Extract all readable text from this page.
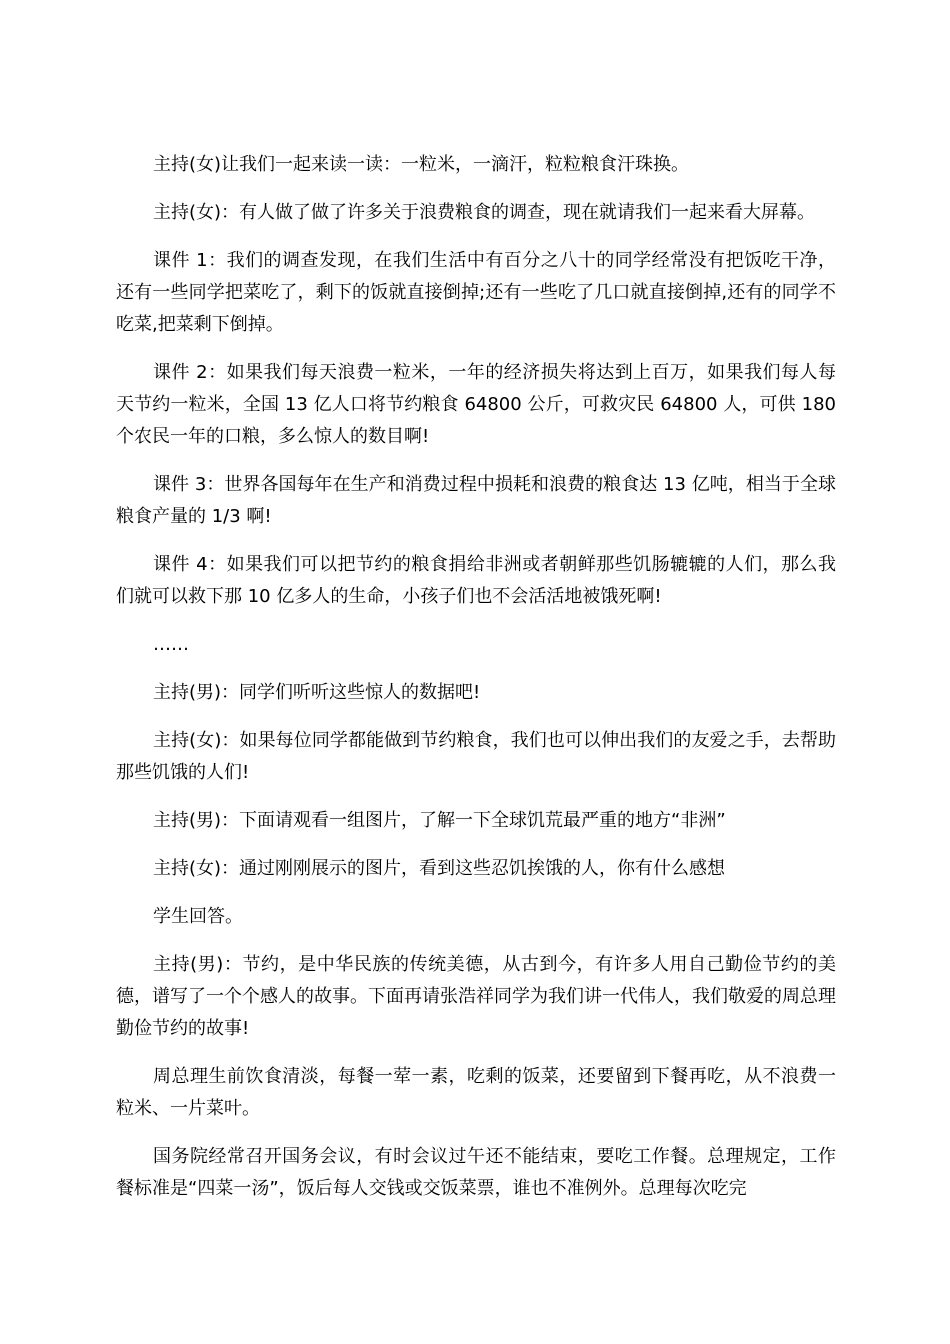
主持(女)让我们一起来读一读：一粒米，一滴汗，粒粒粮食汗珠换。

主持(女)：有人做了做了许多关于浪费粮食的调查，现在就请我们一起来看大屏幕。

课件 1：我们的调查发现，在我们生活中有百分之八十的同学经常没有把饭吃干净，还有一些同学把菜吃了，剩下的饭就直接倒掉;还有一些吃了几口就直接倒掉,还有的同学不吃菜,把菜剩下倒掉。

课件 2：如果我们每天浪费一粒米，一年的经济损失将达到上百万，如果我们每人每天节约一粒米，全国 13 亿人口将节约粮食 64800 公斤，可救灾民 64800 人，可供 180 个农民一年的口粮，多么惊人的数目啊!

课件 3：世界各国每年在生产和消费过程中损耗和浪费的粮食达 13 亿吨，相当于全球粮食产量的 1/3 啊!

课件 4：如果我们可以把节约的粮食捐给非洲或者朝鲜那些饥肠辘辘的人们，那么我们就可以救下那 10 亿多人的生命，小孩子们也不会活活地被饿死啊!

……

主持(男)：同学们听听这些惊人的数据吧!

主持(女)：如果每位同学都能做到节约粮食，我们也可以伸出我们的友爱之手，去帮助那些饥饿的人们!

主持(男)：下面请观看一组图片，了解一下全球饥荒最严重的地方“非洲”

主持(女)：通过刚刚展示的图片，看到这些忍饥挨饿的人，你有什么感想

学生回答。

主持(男)：节约，是中华民族的传统美德，从古到今，有许多人用自己勤俭节约的美德，谱写了一个个感人的故事。下面再请张浩祥同学为我们讲一代伟人，我们敬爱的周总理勤俭节约的故事!

周总理生前饮食清淡，每餐一荤一素，吃剩的饭菜，还要留到下餐再吃，从不浪费一粒米、一片菜叶。

国务院经常召开国务会议，有时会议过午还不能结束，要吃工作餐。总理规定，工作餐标准是“四菜一汤”，饭后每人交钱或交饭菜票，谁也不准例外。总理每次吃完
